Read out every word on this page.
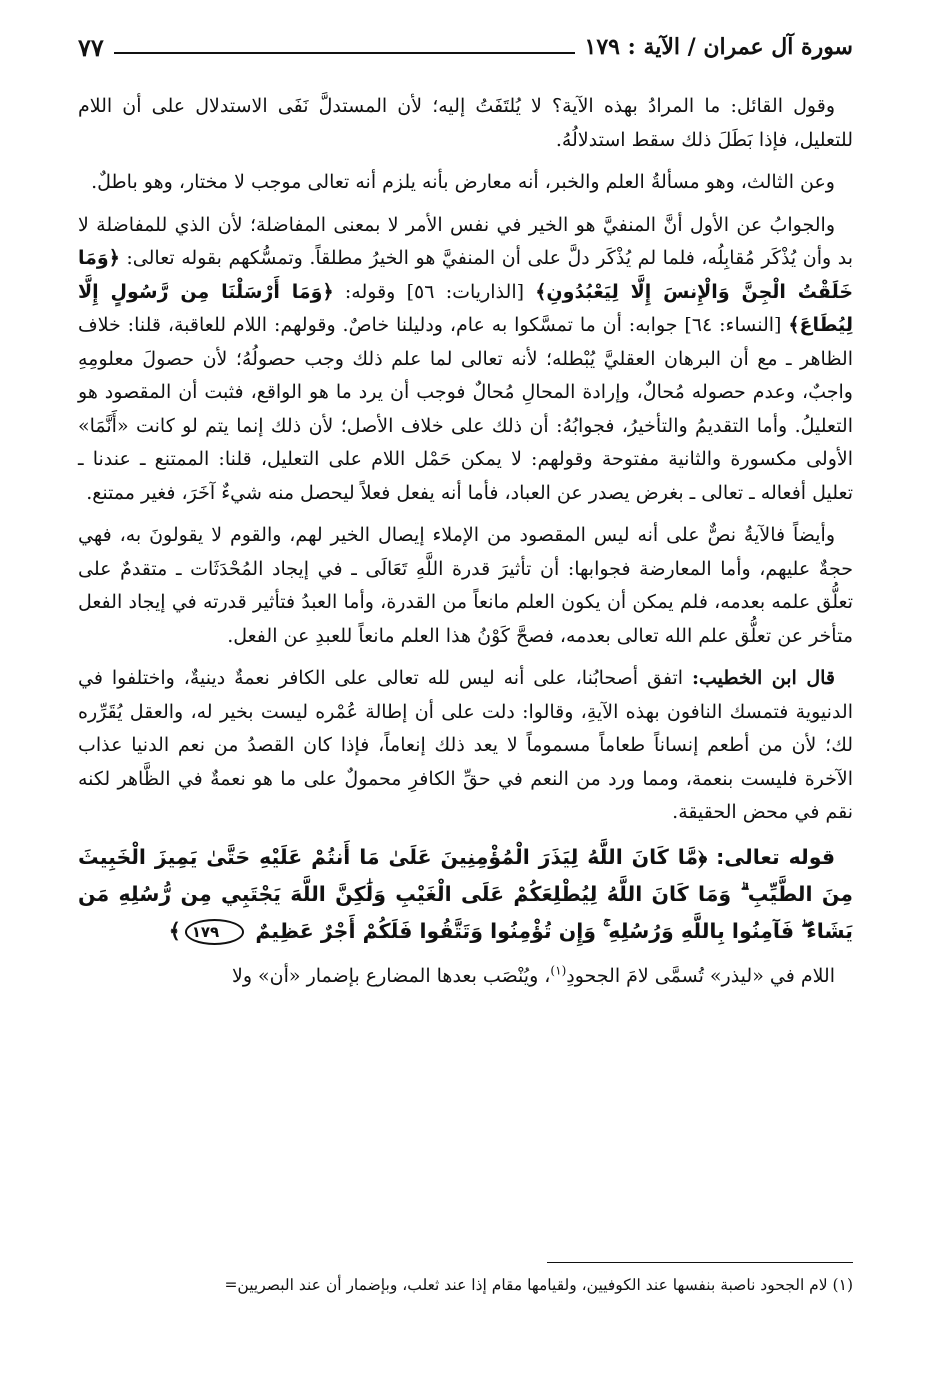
سورة آل عمران / الآية : ١٧٩
٧٧

وقول القائل: ما المرادُ بهذه الآية؟ لا يُلتَفَتُ إليه؛ لأن المستدلَّ نَفَى الاستدلال على أن اللام للتعليل، فإذا بَطَلَ ذلك سقط استدلالُهُ.

وعن الثالث، وهو مسألةُ العلم والخبر، أنه معارض بأنه يلزم أنه تعالى موجب لا مختار، وهو باطلٌ.

والجوابُ عن الأول أنَّ المنفيَّ هو الخير في نفس الأمر لا بمعنى المفاضلة؛ لأن الذي للمفاضلة لا بد وأن يُذْكَر مُقابِلُه، فلما لم يُذْكَر دلَّ على أن المنفيَّ هو الخيرُ مطلقاً. وتمسُّكهم بقوله تعالى: ﴿وَمَا خَلَقْتُ الْجِنَّ وَالْإِنسَ إِلَّا لِيَعْبُدُونِ﴾ [الذاريات: ٥٦] وقوله: ﴿وَمَا أَرْسَلْنَا مِن رَّسُولٍ إِلَّا لِيُطَاعَ﴾ [النساء: ٦٤] جوابه: أن ما تمسَّكوا به عام، ودليلنا خاصٌ. وقولهم: اللام للعاقبة، قلنا: خلاف الظاهر ـ مع أن البرهان العقليَّ يُبْطله؛ لأنه تعالى لما علم ذلك وجب حصولُهُ؛ لأن حصولَ معلومِهِ واجبٌ، وعدم حصوله مُحالٌ، وإرادة المحالِ مُحالٌ فوجب أن يرد ما هو الواقع، فثبت أن المقصود هو التعليلُ. وأما التقديمُ والتأخيرُ، فجوابُهُ: أن ذلك على خلاف الأصل؛ لأن ذلك إنما يتم لو كانت «أَنَّمَا» الأولى مكسورة والثانية مفتوحة وقولهم: لا يمكن حَمْل اللام على التعليل، قلنا: الممتنع ـ عندنا ـ تعليل أفعاله ـ تعالى ـ بغرض يصدر عن العباد، فأما أنه يفعل فعلاً ليحصل منه شيءٌ آخَرَ، فغير ممتنع.

وأيضاً فالآيةُ نصٌّ على أنه ليس المقصود من الإملاء إيصال الخير لهم، والقوم لا يقولونَ به، فهي حجةٌ عليهم، وأما المعارضة فجوابها: أن تأثيرَ قدرة اللَّهِ تَعَالَى ـ في إيجاد المُحْدَثَات ـ متقدمٌ على تعلُّق علمه بعدمه، فلم يمكن أن يكون العلم مانعاً من القدرة، وأما العبدُ فتأثير قدرته في إيجاد الفعل متأخر عن تعلُّق علم الله تعالى بعدمه، فصحَّ كَوْنُ هذا العلم مانعاً للعبدِ عن الفعل.

قال ابن الخطيب: اتفق أصحابُنا، على أنه ليس لله تعالى على الكافر نعمةٌ دينيةٌ، واختلفوا في الدنيوية فتمسك النافون بهذه الآيةِ، وقالوا: دلت على أن إطالة عُمْره ليست بخير له، والعقل يُقَرِّره لك؛ لأن من أطعم إنساناً طعاماً مسموماً لا يعد ذلك إنعاماً، فإذا كان القصدُ من نعم الدنيا عذاب الآخرة فليست بنعمة، ومما ورد من النعم في حقِّ الكافرِ محمولٌ على ما هو نعمةٌ في الظَّاهر لكنه نقم في محض الحقيقة.

قوله تعالى: ﴿مَّا كَانَ اللَّهُ لِيَذَرَ الْمُؤْمِنِينَ عَلَىٰ مَا أَنتُمْ عَلَيْهِ حَتَّىٰ يَمِيزَ الْخَبِيثَ مِنَ الطَّيِّبِ ۗ وَمَا كَانَ اللَّهُ لِيُطْلِعَكُمْ عَلَى الْغَيْبِ وَلَٰكِنَّ اللَّهَ يَجْتَبِي مِن رُّسُلِهِ مَن يَشَاءُ ۖ فَآمِنُوا بِاللَّهِ وَرُسُلِهِ ۚ وَإِن تُؤْمِنُوا وَتَتَّقُوا فَلَكُمْ أَجْرٌ عَظِيمٌ ١٧٩﴾

اللام في «ليذر» تُسمَّى لامَ الجحودِ$^{(١)}$، ويُنْصَب بعدها المضارع بإضمار «أن» ولا

(١) لام الجحود ناصبة بنفسها عند الكوفيين، ولقيامها مقام إذا عند ثعلب، وبإضمار أن عند البصريين=
